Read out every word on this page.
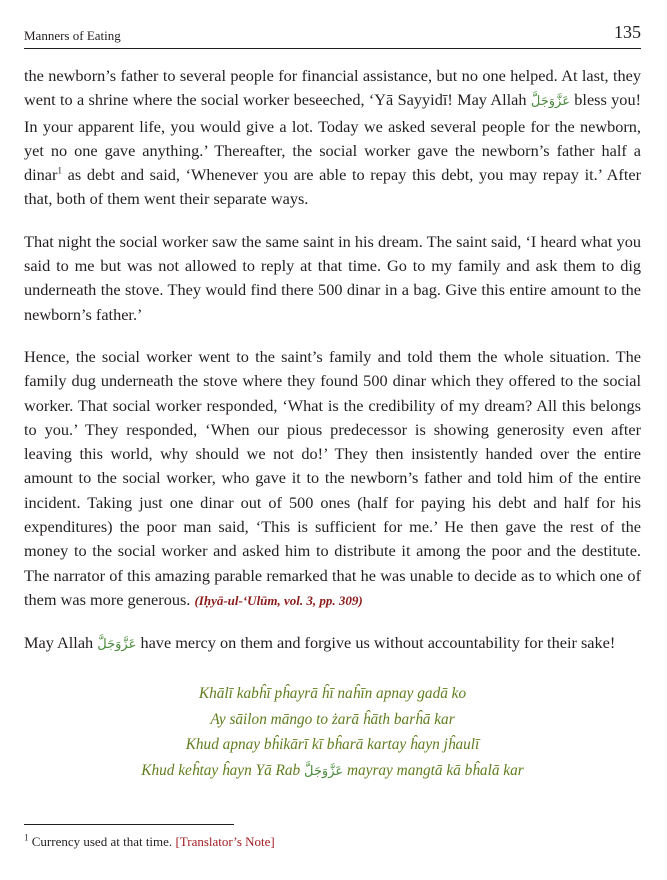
Manners of Eating	135

the newborn’s father to several people for financial assistance, but no one helped. At last, they went to a shrine where the social worker beseeched, ‘Yā Sayyidī! May Allah عَزَّوَجَلَّ bless you! In your apparent life, you would give a lot. Today we asked several people for the newborn, yet no one gave anything.’ Thereafter, the social worker gave the newborn’s father half a dinar$^1$ as debt and said, ‘Whenever you are able to repay this debt, you may repay it.’ After that, both of them went their separate ways.

That night the social worker saw the same saint in his dream. The saint said, ‘I heard what you said to me but was not allowed to reply at that time. Go to my family and ask them to dig underneath the stove. They would find there 500 dinar in a bag. Give this entire amount to the newborn’s father.’

Hence, the social worker went to the saint’s family and told them the whole situation. The family dug underneath the stove where they found 500 dinar which they offered to the social worker. That social worker responded, ‘What is the credibility of my dream? All this belongs to you.’ They responded, ‘When our pious predecessor is showing generosity even after leaving this world, why should we not do!’ They then insistently handed over the entire amount to the social worker, who gave it to the newborn’s father and told him of the entire incident. Taking just one dinar out of 500 ones (half for paying his debt and half for his expenditures) the poor man said, ‘This is sufficient for me.’ He then gave the rest of the money to the social worker and asked him to distribute it among the poor and the destitute. The narrator of this amazing parable remarked that he was unable to decide as to which one of them was more generous. (Iḥyā-ul-‘Ulūm, vol. 3, pp. 309)

May Allah عَزَّوَجَلَّ have mercy on them and forgive us without accountability for their sake!

Khālī kabĥī pĥayrā ĥī naĥīn apnay gadā ko
Ay sāilon māngo to żarā ĥāth barĥā kar
Khud apnay bĥikārī kī bĥarā kartay ĥayn jĥaulī
Khud keĥtay ĥayn Yā Rab عَزَّوَجَلَّ mayray mangtā kā bĥalā kar
$^1$ Currency used at that time. [Translator’s Note]
